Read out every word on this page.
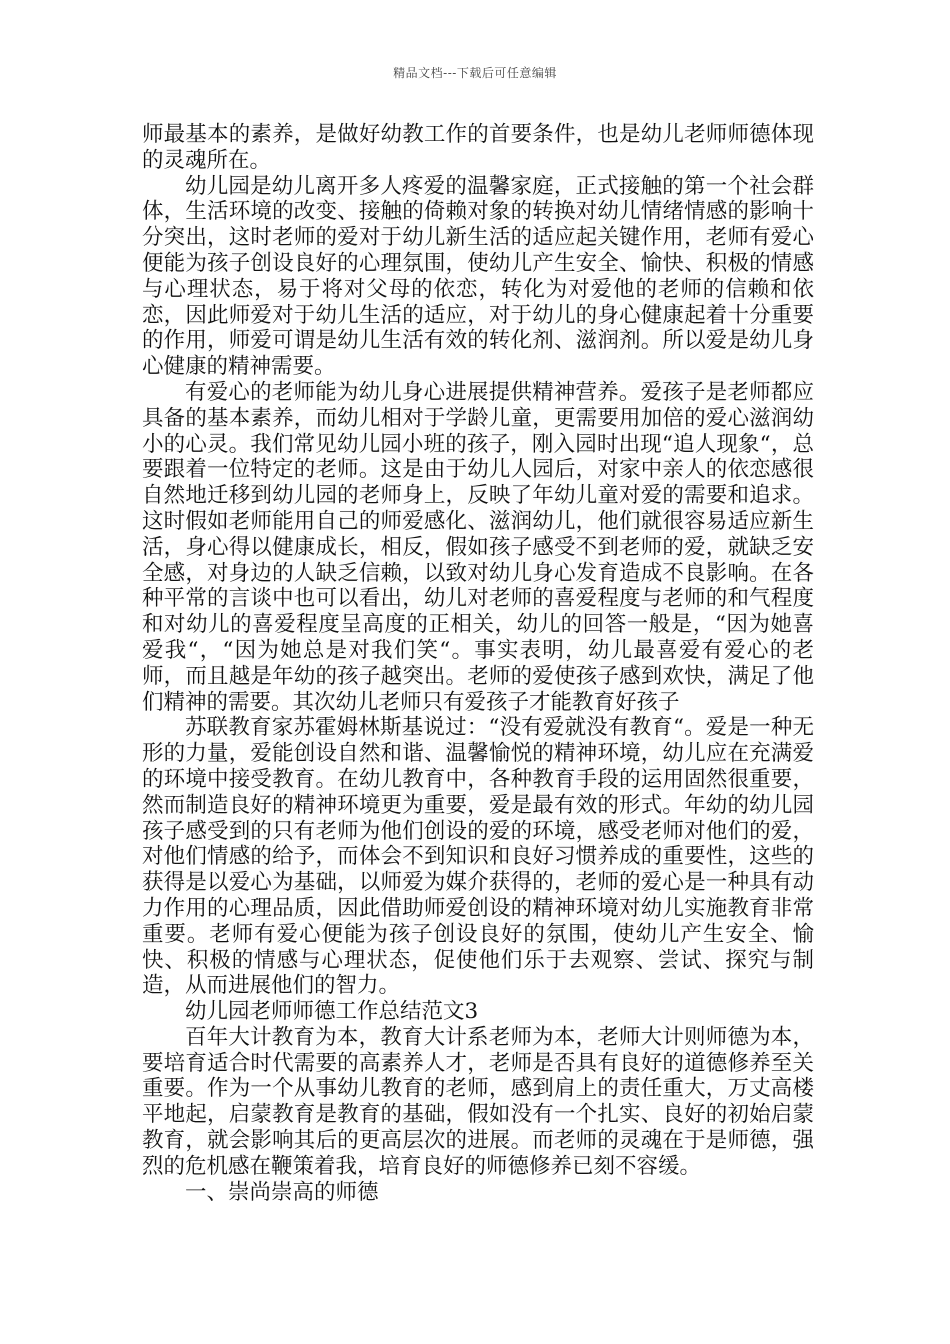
精品文档---下载后可任意编辑

师最基本的素养，是做好幼教工作的首要条件，也是幼儿老师师德体现的灵魂所在。

幼儿园是幼儿离开多人疼爱的温馨家庭，正式接触的第一个社会群体，生活环境的改变、接触的倚赖对象的转换对幼儿情绪情感的影响十分突出，这时老师的爱对于幼儿新生活的适应起关键作用，老师有爱心便能为孩子创设良好的心理氛围，使幼儿产生安全、愉快、积极的情感与心理状态，易于将对父母的依恋，转化为对爱他的老师的信赖和依恋，因此师爱对于幼儿生活的适应，对于幼儿的身心健康起着十分重要的作用，师爱可谓是幼儿生活有效的转化剂、滋润剂。所以爱是幼儿身心健康的精神需要。

有爱心的老师能为幼儿身心进展提供精神营养。爱孩子是老师都应具备的基本素养，而幼儿相对于学龄儿童，更需要用加倍的爱心滋润幼小的心灵。我们常见幼儿园小班的孩子，刚入园时出现“追人现象“，总要跟着一位特定的老师。这是由于幼儿人园后，对家中亲人的依恋感很自然地迁移到幼儿园的老师身上，反映了年幼儿童对爱的需要和追求。这时假如老师能用自己的师爱感化、滋润幼儿，他们就很容易适应新生活，身心得以健康成长，相反，假如孩子感受不到老师的爱，就缺乏安全感，对身边的人缺乏信赖，以致对幼儿身心发育造成不良影响。在各种平常的言谈中也可以看出，幼儿对老师的喜爱程度与老师的和气程度和对幼儿的喜爱程度呈高度的正相关，幼儿的回答一般是，“因为她喜爱我“，“因为她总是对我们笑“。事实表明，幼儿最喜爱有爱心的老师，而且越是年幼的孩子越突出。老师的爱使孩子感到欢快，满足了他们精神的需要。其次幼儿老师只有爱孩子才能教育好孩子

苏联教育家苏霍姆林斯基说过：“没有爱就没有教育“。爱是一种无形的力量，爱能创设自然和谐、温馨愉悦的精神环境，幼儿应在充满爱的环境中接受教育。在幼儿教育中，各种教育手段的运用固然很重要，然而制造良好的精神环境更为重要，爱是最有效的形式。年幼的幼儿园孩子感受到的只有老师为他们创设的爱的环境，感受老师对他们的爱，对他们情感的给予，而体会不到知识和良好习惯养成的重要性，这些的获得是以爱心为基础，以师爱为媒介获得的，老师的爱心是一种具有动力作用的心理品质，因此借助师爱创设的精神环境对幼儿实施教育非常重要。老师有爱心便能为孩子创设良好的氛围，使幼儿产生安全、愉快、积极的情感与心理状态，促使他们乐于去观察、尝试、探究与制造，从而进展他们的智力。

幼儿园老师师德工作总结范文3

百年大计教育为本，教育大计系老师为本，老师大计则师德为本，要培育适合时代需要的高素养人才，老师是否具有良好的道德修养至关重要。作为一个从事幼儿教育的老师，感到肩上的责任重大，万丈高楼平地起，启蒙教育是教育的基础，假如没有一个扎实、良好的初始启蒙教育，就会影响其后的更高层次的进展。而老师的灵魂在于是师德，强烈的危机感在鞭策着我，培育良好的师德修养已刻不容缓。

一、崇尚崇高的师德
